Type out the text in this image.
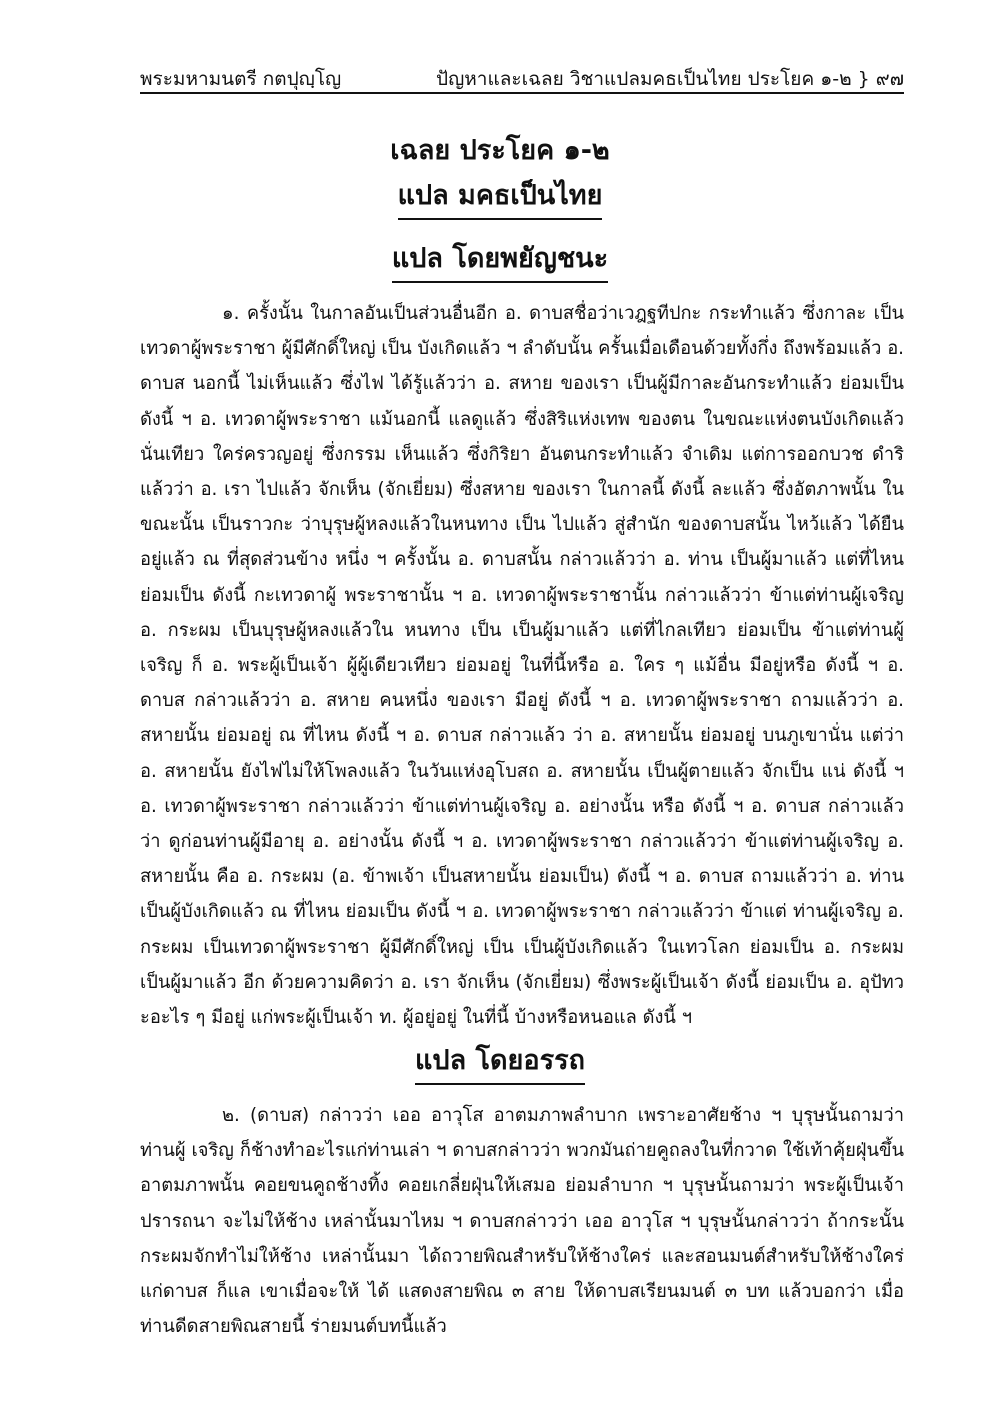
พระมหามนตรี กตปุญฺโญ	ปัญหาและเฉลย วิชาแปลมคธเป็นไทย ประโยค ๑-๒ } ๙๗
เฉลย ประโยค ๑-๒
แปล มคธเป็นไทย
แปล โดยพยัญชนะ

๑. ครั้งนั้น ในกาลอันเป็นส่วนอื่นอีก อ. ดาบสชื่อว่าเวฎฐทีปกะ กระทำแล้ว ซึ่งกาละ เป็น เทวดาผู้พระราชา ผู้มีศักดิ์ใหญ่ เป็น บังเกิดแล้ว ฯ ลำดับนั้น ครั้นเมื่อเดือนด้วยทั้งกึ่ง ถึงพร้อมแล้ว อ. ดาบส นอกนี้ ไม่เห็นแล้ว ซึ่งไฟ ได้รู้แล้วว่า อ. สหาย ของเรา เป็นผู้มีกาละอันกระทำแล้ว ย่อมเป็น ดังนี้ ฯ อ. เทวดาผู้พระราชา แม้นอกนี้ แลดูแล้ว ซึ่งสิริแห่งเทพ ของตน ในขณะแห่งตนบังเกิดแล้ว นั่นเทียว ใคร่ครวญอยู่ ซึ่งกรรม เห็นแล้ว ซึ่งกิริยา อันตนกระทำแล้ว จำเดิม แต่การออกบวช ดำริแล้วว่า อ. เรา ไปแล้ว จักเห็น (จักเยี่ยม) ซึ่งสหาย ของเรา ในกาลนี้ ดังนี้ ละแล้ว ซึ่งอัตภาพนั้น ในขณะนั้น เป็นราวกะ ว่าบุรุษผู้หลงแล้วในหนทาง เป็น ไปแล้ว สู่สำนัก ของดาบสนั้น ไหว้แล้ว ได้ยืนอยู่แล้ว ณ ที่สุดส่วนข้าง หนึ่ง ฯ ครั้งนั้น อ. ดาบสนั้น กล่าวแล้วว่า อ. ท่าน เป็นผู้มาแล้ว แต่ที่ไหน ย่อมเป็น ดังนี้ กะเทวดาผู้ พระราชานั้น ฯ อ. เทวดาผู้พระราชานั้น กล่าวแล้วว่า ข้าแต่ท่านผู้เจริญ อ. กระผม เป็นบุรุษผู้หลงแล้วใน หนทาง เป็น เป็นผู้มาแล้ว แต่ที่ไกลเทียว ย่อมเป็น ข้าแต่ท่านผู้เจริญ ก็ อ. พระผู้เป็นเจ้า ผู้ผู้เดียวเทียว ย่อมอยู่ ในที่นี้หรือ อ. ใคร ๆ แม้อื่น มีอยู่หรือ ดังนี้ ฯ อ. ดาบส กล่าวแล้วว่า อ. สหาย คนหนึ่ง ของเรา มีอยู่ ดังนี้ ฯ อ. เทวดาผู้พระราชา ถามแล้วว่า อ. สหายนั้น ย่อมอยู่ ณ ที่ไหน ดังนี้ ฯ อ. ดาบส กล่าวแล้ว ว่า อ. สหายนั้น ย่อมอยู่ บนภูเขานั่น แต่ว่า อ. สหายนั้น ยังไฟไม่ให้โพลงแล้ว ในวันแห่งอุโบสถ อ. สหายนั้น เป็นผู้ตายแล้ว จักเป็น แน่ ดังนี้ ฯ อ. เทวดาผู้พระราชา กล่าวแล้วว่า ข้าแต่ท่านผู้เจริญ อ. อย่างนั้น หรือ ดังนี้ ฯ อ. ดาบส กล่าวแล้วว่า ดูก่อนท่านผู้มีอายุ อ. อย่างนั้น ดังนี้ ฯ อ. เทวดาผู้พระราชา กล่าวแล้วว่า ข้าแต่ท่านผู้เจริญ อ. สหายนั้น คือ อ. กระผม (อ. ข้าพเจ้า เป็นสหายนั้น ย่อมเป็น) ดังนี้ ฯ อ. ดาบส ถามแล้วว่า อ. ท่าน เป็นผู้บังเกิดแล้ว ณ ที่ไหน ย่อมเป็น ดังนี้ ฯ อ. เทวดาผู้พระราชา กล่าวแล้วว่า ข้าแต่ ท่านผู้เจริญ อ. กระผม เป็นเทวดาผู้พระราชา ผู้มีศักดิ์ใหญ่ เป็น เป็นผู้บังเกิดแล้ว ในเทวโลก ย่อมเป็น อ. กระผม เป็นผู้มาแล้ว อีก ด้วยความคิดว่า อ. เรา จักเห็น (จักเยี่ยม) ซึ่งพระผู้เป็นเจ้า ดังนี้ ย่อมเป็น อ. อุปัทวะอะไร ๆ มีอยู่ แก่พระผู้เป็นเจ้า ท. ผู้อยู่อยู่ ในที่นี้ บ้างหรือหนอแล ดังนี้ ฯ

แปล โดยอรรถ

๒. (ดาบส) กล่าวว่า เออ อาวุโส อาตมภาพลำบาก เพราะอาศัยช้าง ฯ บุรุษนั้นถามว่า ท่านผู้ เจริญ ก็ช้างทำอะไรแก่ท่านเล่า ฯ ดาบสกล่าวว่า พวกมันถ่ายคูถลงในที่กวาด ใช้เท้าคุ้ยฝุ่นขึ้น อาตมภาพนั้น คอยขนคูถช้างทิ้ง คอยเกลี่ยฝุ่นให้เสมอ ย่อมลำบาก ฯ บุรุษนั้นถามว่า พระผู้เป็นเจ้าปรารถนา จะไม่ให้ช้าง เหล่านั้นมาไหม ฯ ดาบสกล่าวว่า เออ อาวุโส ฯ บุรุษนั้นกล่าวว่า ถ้ากระนั้น กระผมจักทำไม่ให้ช้าง เหล่านั้นมา ได้ถวายพิณสำหรับให้ช้างใคร่ และสอนมนต์สำหรับให้ช้างใคร่ แก่ดาบส ก็แล เขาเมื่อจะให้ ได้ แสดงสายพิณ ๓ สาย ให้ดาบสเรียนมนต์ ๓ บท แล้วบอกว่า เมื่อท่านดีดสายพิณสายนี้ ร่ายมนต์บทนี้แล้ว
